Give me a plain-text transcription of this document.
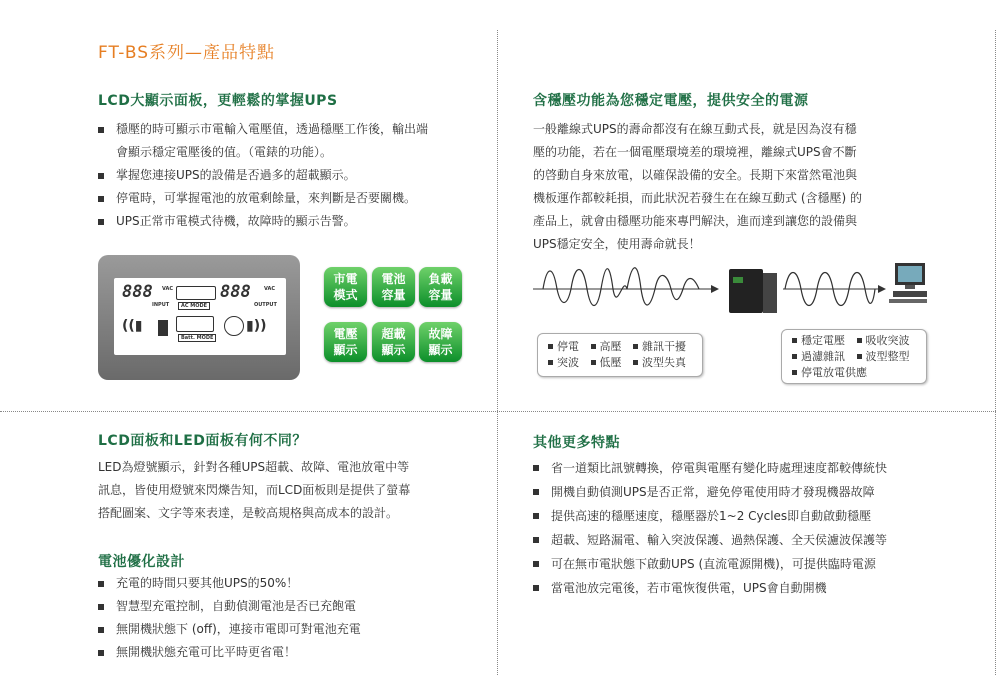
FT-BS系列—產品特點
LCD大顯示面板，更輕鬆的掌握UPS
穩壓的時可顯示市電輸入電壓值，透過穩壓工作後，輸出端
會顯示穩定電壓後的值。（電錶的功能）。
掌握您連接UPS的設備是否過多的超載顯示。
停電時，可掌握電池的放電剩餘量，來判斷是否要關機。
UPS正常市電模式待機，故障時的顯示告警。
888 VAC
INPUT	AC MODE
888	VAC
OUTPUT
((▮
Batt. MODE
▮))
市電
模式
電池
容量
負載
容量
電壓
顯示
超載
顯示
故障
顯示
含穩壓功能為您穩定電壓，提供安全的電源
一般離線式UPS的壽命都沒有在線互動式長，就是因為沒有穩
壓的功能，若在一個電壓環境差的環境裡，離線式UPS會不斷
的啓動自身來放電，以確保設備的安全。長期下來當然電池與
機板運作都較耗損，而此狀況若發生在在線互動式 (含穩壓) 的
產品上，就會由穩壓功能來專門解決，進而達到讓您的設備與
UPS穩定安全，使用壽命就長！
停電 高壓 雜訊干擾
突波 低壓 波型失真
穩定電壓 吸收突波
過濾雜訊 波型整型
停電放電供應
LCD面板和LED面板有何不同？
LED為燈號顯示，針對各種UPS超載、故障、電池放電中等
訊息，皆使用燈號來閃爍告知，而LCD面板則是提供了螢幕
搭配圖案、文字等來表達，是較高規格與高成本的設計。
電池優化設計
充電的時間只要其他UPS的50%！
智慧型充電控制，自動偵測電池是否已充飽電
無開機狀態下 (off)，連接市電即可對電池充電
無開機狀態充電可比平時更省電！
其他更多特點
省一道類比訊號轉換，停電與電壓有變化時處理速度都較傳統快
開機自動偵測UPS是否正常，避免停電使用時才發現機器故障
提供高速的穩壓速度，穩壓器於1~2 Cycles即自動啟動穩壓
超載、短路漏電、輸入突波保護、過熱保護、全天侯濾波保護等
可在無市電狀態下啟動UPS (直流電源開機)，可提供臨時電源
當電池放完電後，若市電恢復供電，UPS會自動開機
